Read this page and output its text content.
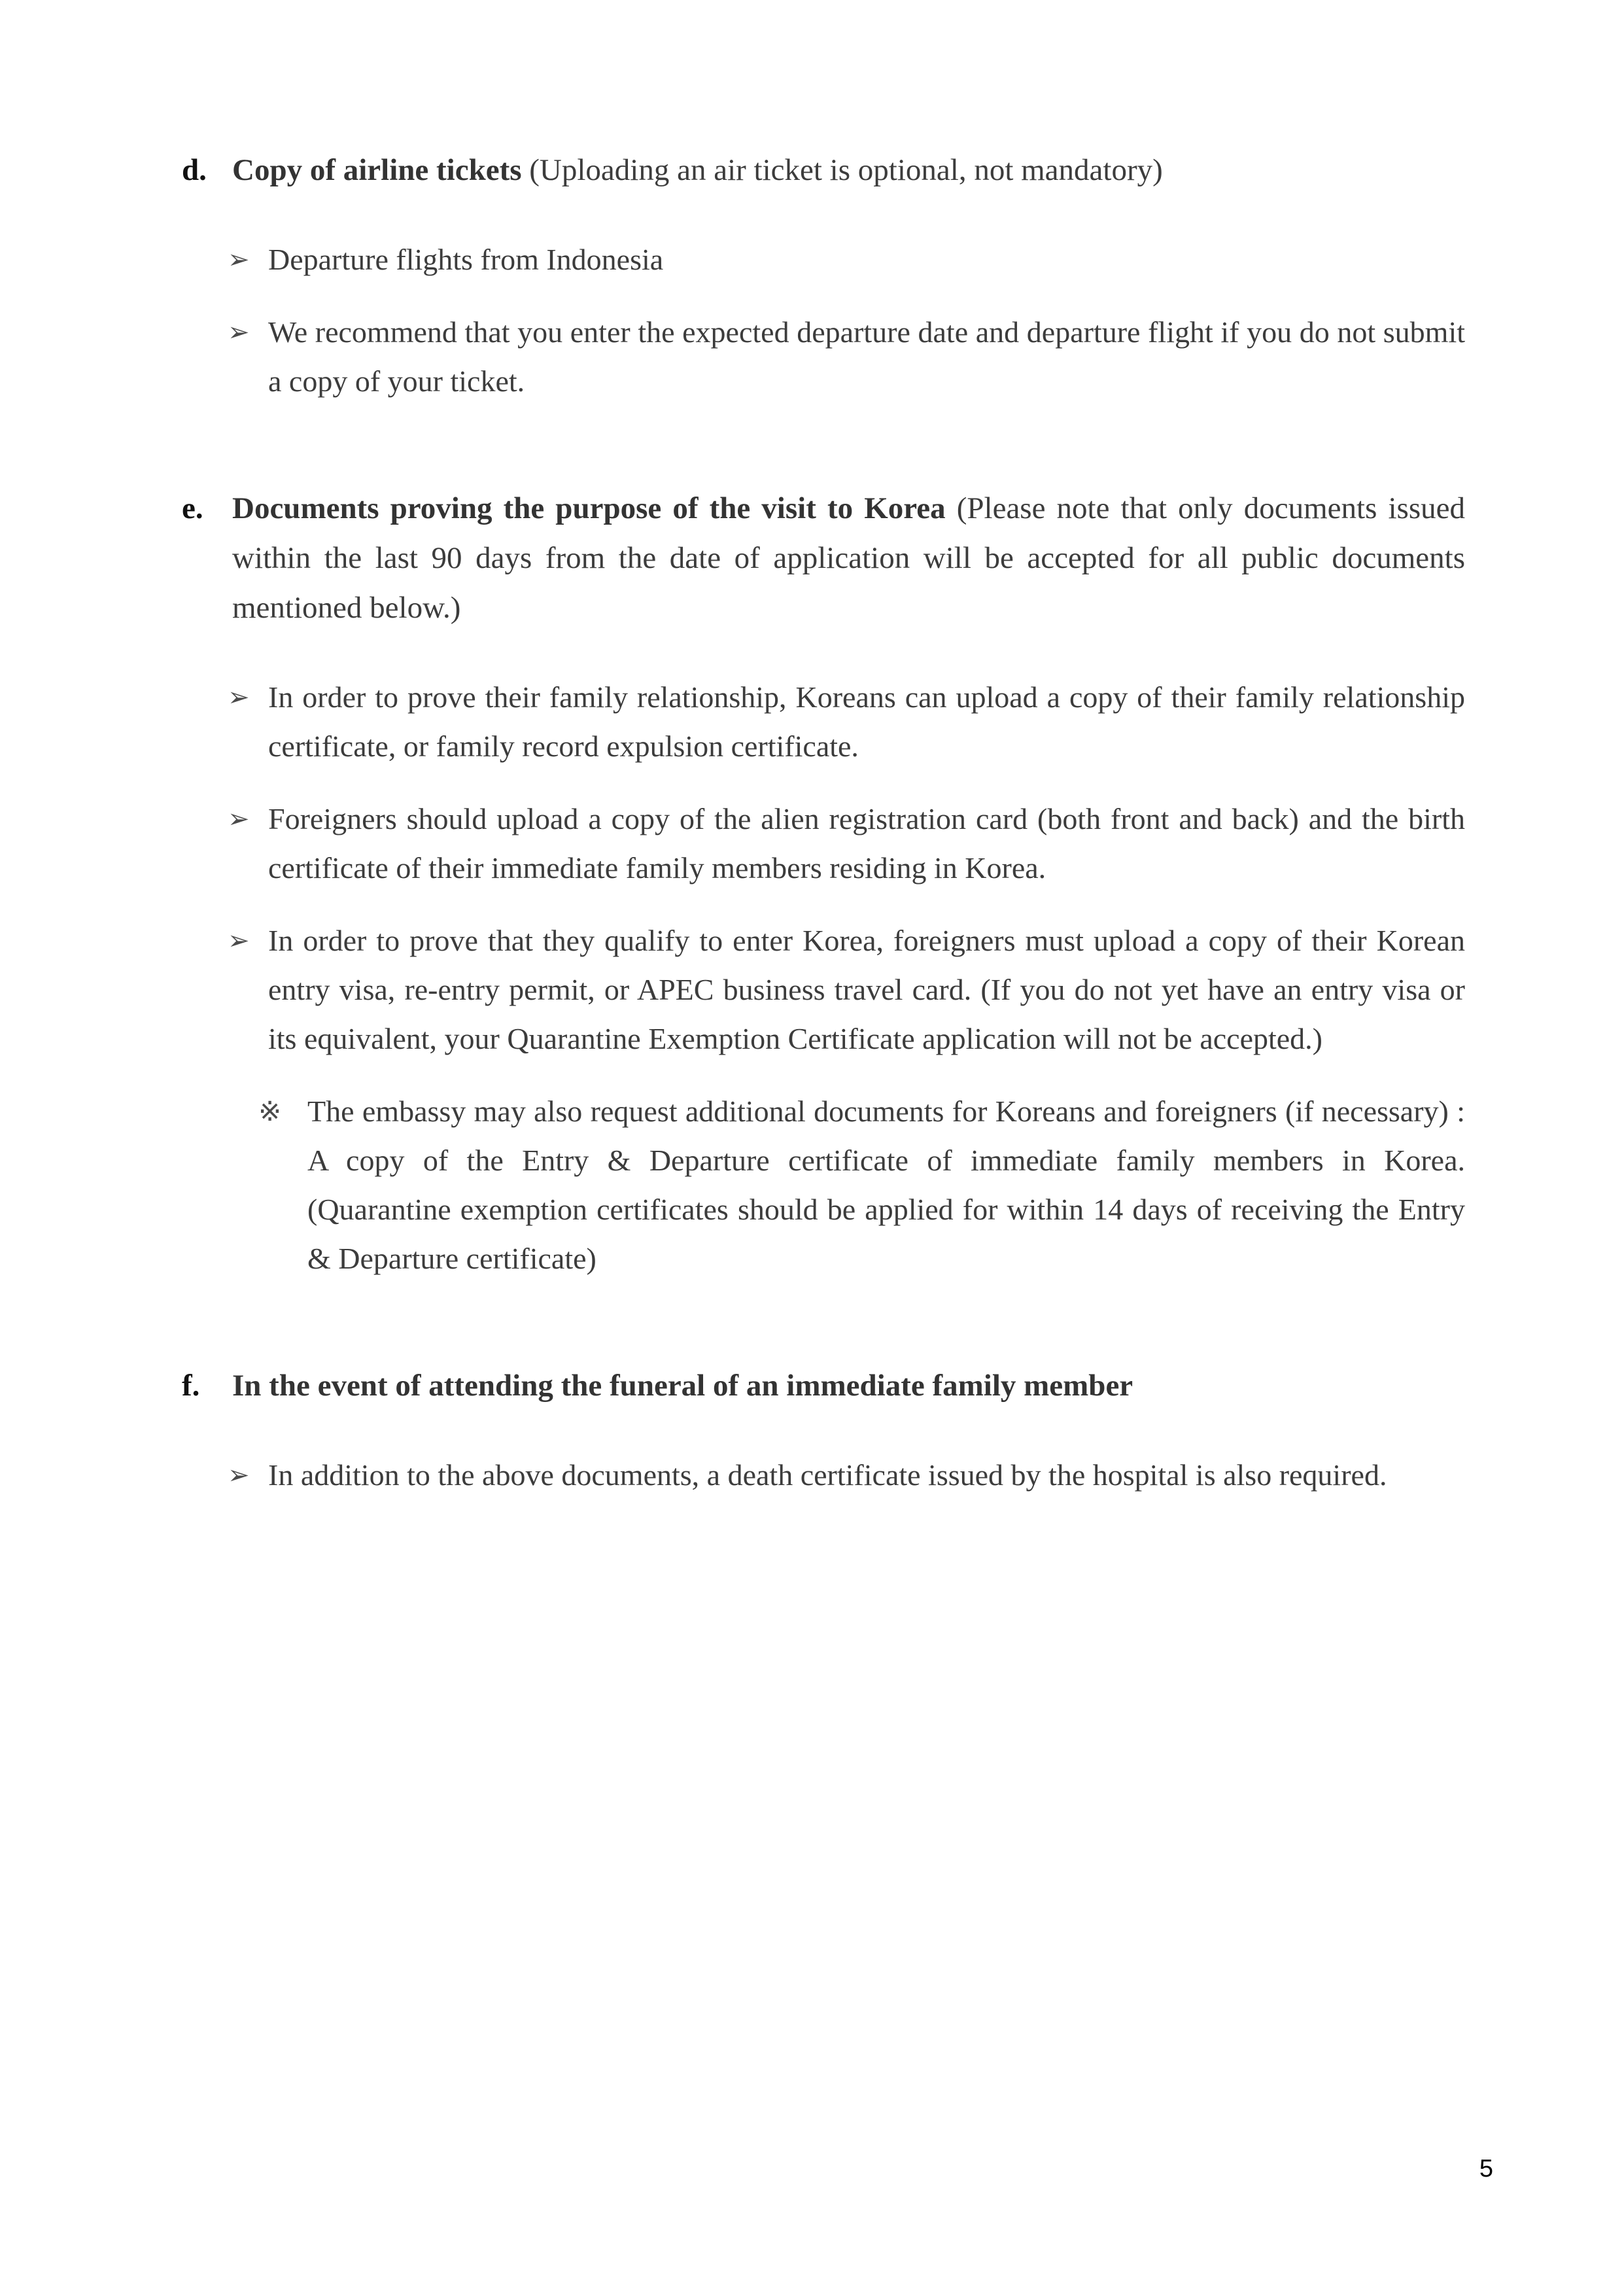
d. Copy of airline tickets (Uploading an air ticket is optional, not mandatory)
➢ Departure flights from Indonesia
➢ We recommend that you enter the expected departure date and departure flight if you do not submit a copy of your ticket.
e. Documents proving the purpose of the visit to Korea (Please note that only documents issued within the last 90 days from the date of application will be accepted for all public documents mentioned below.)
➢ In order to prove their family relationship, Koreans can upload a copy of their family relationship certificate, or family record expulsion certificate.
➢ Foreigners should upload a copy of the alien registration card (both front and back) and the birth certificate of their immediate family members residing in Korea.
➢ In order to prove that they qualify to enter Korea, foreigners must upload a copy of their Korean entry visa, re-entry permit, or APEC business travel card. (If you do not yet have an entry visa or its equivalent, your Quarantine Exemption Certificate application will not be accepted.)
※ The embassy may also request additional documents for Koreans and foreigners (if necessary) : A copy of the Entry & Departure certificate of immediate family members in Korea. (Quarantine exemption certificates should be applied for within 14 days of receiving the Entry & Departure certificate)
f.	In the event of attending the funeral of an immediate family member
➢ In addition to the above documents, a death certificate issued by the hospital is also required.
5
